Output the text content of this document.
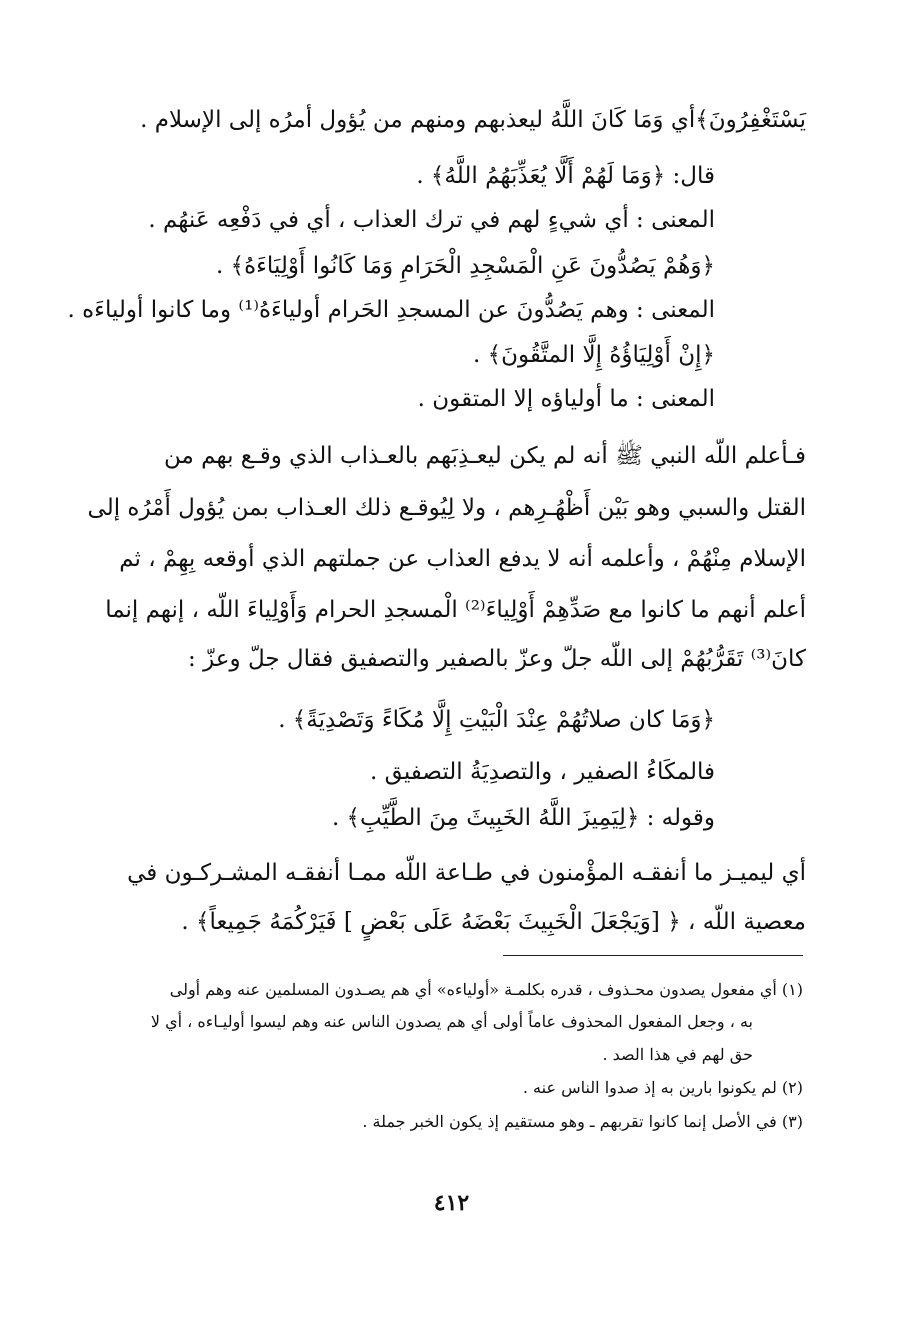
يَسْتَغْفِرُونَ﴾أي وَمَا كَانَ اللَّهُ ليعذبهم ومنهم من يُؤول أمرُه إلى الإسلام .
قال: ﴿وَمَا لَهُمْ أَلَّا يُعَذِّبَهُمُ اللَّهُ﴾ .
المعنى : أي شيءٍ لهم في ترك العذاب ، أي في دَفْعِه عَنهُم .
﴿وَهُمْ يَصُدُّونَ عَنِ الْمَسْجِدِ الْحَرَامِ وَمَا كَانُوا أَوْلِيَاءَهُ﴾ .
المعنى : وهم يَصُدُّونَ عن المسجدِ الحَرام أولياءَهُ⁽¹⁾ وما كانوا أولياءَه .
﴿إِنْ أَوْلِيَاؤُهُ إِلَّا المتَّقُونَ﴾ .
المعنى : ما أولياؤه إلا المتقون .
فـأعلم اللّه النبي ﷺ أنه لم يكن ليعـذِبَهم بالعـذاب الذي وقـع بهم من
القتل والسبي وهو بَيْن أَظْهُـرِهم ، ولا لِيُوقـع ذلك العـذاب بمن يُؤول أَمْرُه إلى
الإسلام مِنْهُمْ ، وأعلمه أنه لا يدفع العذاب عن جملتهم الذي أوقعه بِهِمْ ، ثم
أعلم أنهم ما كانوا مع صَدِّهِمْ أَوْلِياءَ⁽²⁾ الْمسجدِ الحرام وَأَوْلِياءَ اللّه ، إنهم إنما
كانَ⁽³⁾ تَقَرُّبُهُمْ إلى اللّه جلّ وعزّ بالصفير والتصفيق فقال جلّ وعزّ :
﴿وَمَا كان صلاتُهُمْ عِنْدَ الْبَيْتِ إِلَّا مُكَاءً وَتَصْدِيَةً﴾ .
فالمكَاءُ الصفير ، والتصدِيَةُ التصفيق .
وقوله : ﴿لِيَمِيزَ اللَّهُ الخَبِيثَ مِنَ الطَّيِّبِ﴾ .
أي ليميـز ما أنفقـه المؤْمنون في طـاعة اللّه ممـا أنفقـه المشـركـون في
معصية اللّه ، ﴿ [وَيَجْعَلَ الْخَبِيثَ بَعْضَهُ عَلَى بَعْضٍ ] فَيَرْكُمَهُ جَمِيعاً﴾ .
(١) أي مفعول يصدون محـذوف ، قدره بكلمـة «أولياءه» أي هم يصـدون المسلمين عنه وهم أولى
به ، وجعل المفعول المحذوف عاماً أولى أي هم يصدون الناس عنه وهم ليسوا أوليـاءه ، أي لا
حق لهم في هذا الصد .
(٢) لم يكونوا بارين به إذ صدوا الناس عنه .
(٣) في الأصل إنما كانوا تقربهم ـ وهو مستقيم إذ يكون الخبر جملة .
٤١٢
